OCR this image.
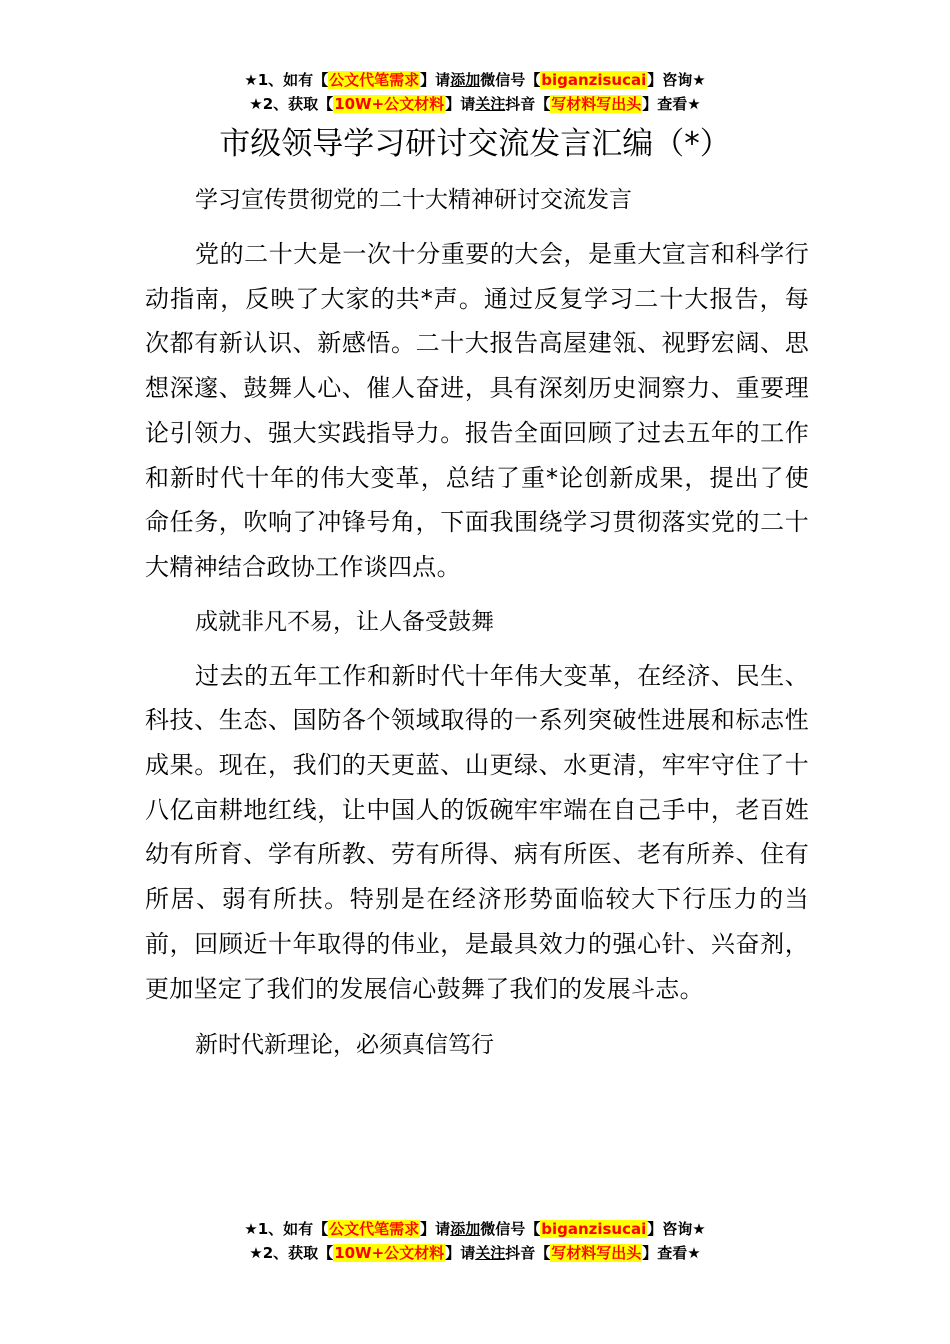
★1、如有【公文代笔需求】请添加微信号【biganzisucai】咨询★
★2、获取【10W+公文材料】请关注抖音【写材料写出头】查看★
市级领导学习研讨交流发言汇编（*）

学习宣传贯彻党的二十大精神研讨交流发言

党的二十大是一次十分重要的大会，是重大宣言和科学行动指南，反映了大家的共*声。通过反复学习二十大报告，每次都有新认识、新感悟。二十大报告高屋建瓴、视野宏阔、思想深邃、鼓舞人心、催人奋进，具有深刻历史洞察力、重要理论引领力、强大实践指导力。报告全面回顾了过去五年的工作和新时代十年的伟大变革，总结了重*论创新成果，提出了使命任务，吹响了冲锋号角，下面我围绕学习贯彻落实党的二十大精神结合政协工作谈四点。

成就非凡不易，让人备受鼓舞

过去的五年工作和新时代十年伟大变革，在经济、民生、科技、生态、国防各个领域取得的一系列突破性进展和标志性成果。现在，我们的天更蓝、山更绿、水更清，牢牢守住了十八亿亩耕地红线，让中国人的饭碗牢牢端在自己手中，老百姓幼有所育、学有所教、劳有所得、病有所医、老有所养、住有所居、弱有所扶。特别是在经济形势面临较大下行压力的当前，回顾近十年取得的伟业，是最具效力的强心针、兴奋剂，更加坚定了我们的发展信心鼓舞了我们的发展斗志。

新时代新理论，必须真信笃行

★1、如有【公文代笔需求】请添加微信号【biganzisucai】咨询★
★2、获取【10W+公文材料】请关注抖音【写材料写出头】查看★
